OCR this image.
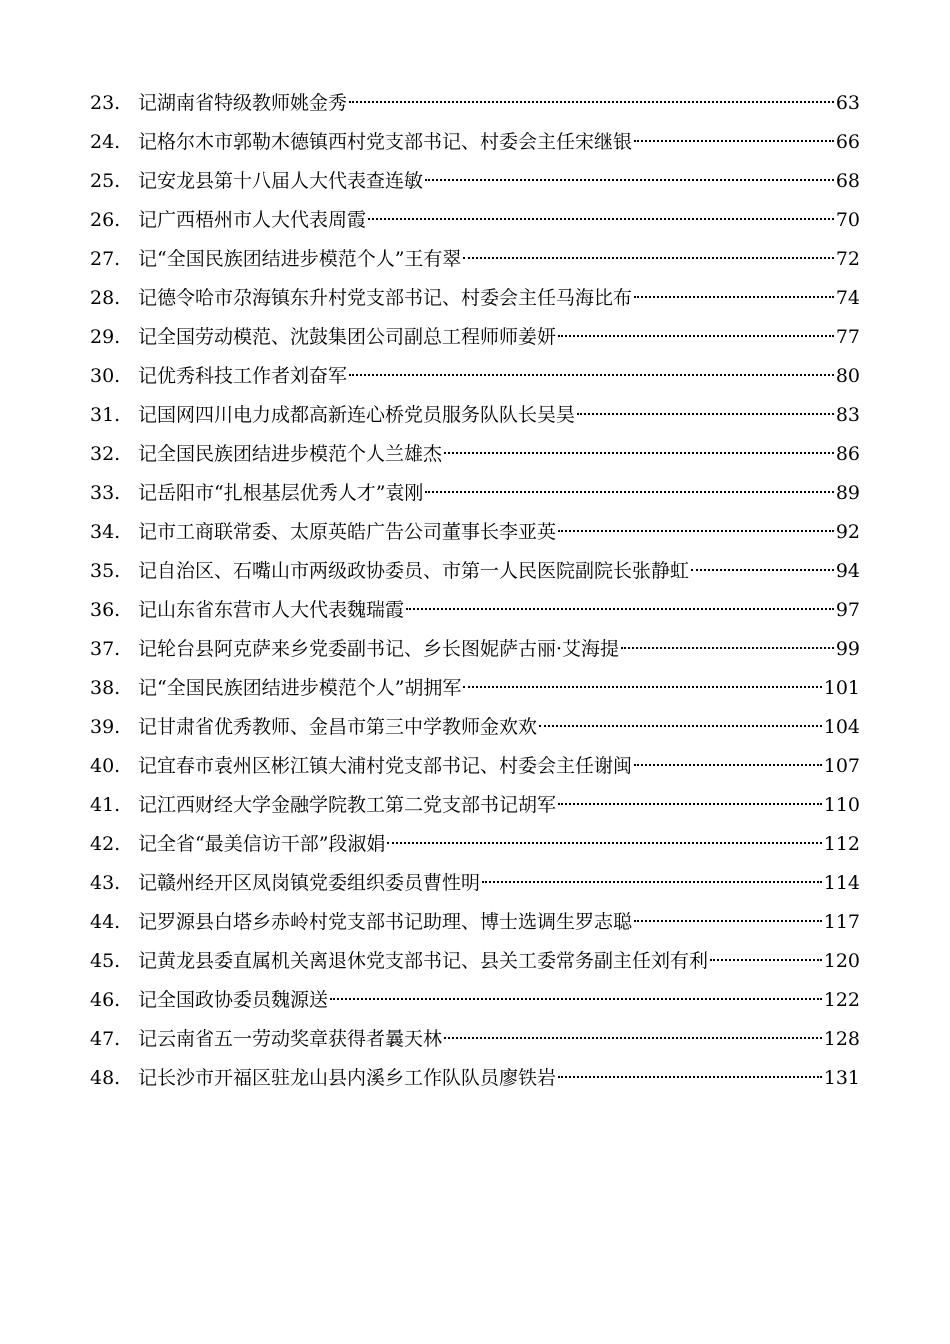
23. 记湖南省特级教师姚金秀	63
24. 记格尔木市郭勒木德镇西村党支部书记、村委会主任宋继银	66
25. 记安龙县第十八届人大代表查连敏	68
26. 记广西梧州市人大代表周霞	70
27. 记“全国民族团结进步模范个人”王有翠	72
28. 记德令哈市尕海镇东升村党支部书记、村委会主任马海比布	74
29. 记全国劳动模范、沈鼓集团公司副总工程师师姜妍	77
30. 记优秀科技工作者刘奋军	80
31. 记国网四川电力成都高新连心桥党员服务队队长吴昊	83
32. 记全国民族团结进步模范个人兰雄杰	86
33. 记岳阳市“扎根基层优秀人才”袁刚	89
34. 记市工商联常委、太原英皓广告公司董事长李亚英	92
35. 记自治区、石嘴山市两级政协委员、市第一人民医院副院长张静虹	94
36. 记山东省东营市人大代表魏瑞霞	97
37. 记轮台县阿克萨来乡党委副书记、乡长图妮萨古丽·艾海提	99
38. 记“全国民族团结进步模范个人”胡拥军	101
39. 记甘肃省优秀教师、金昌市第三中学教师金欢欢	104
40. 记宜春市袁州区彬江镇大浦村党支部书记、村委会主任谢闽	107
41. 记江西财经大学金融学院教工第二党支部书记胡军	110
42. 记全省“最美信访干部”段淑娟	112
43. 记赣州经开区凤岗镇党委组织委员曹性明	114
44. 记罗源县白塔乡赤岭村党支部书记助理、博士选调生罗志聪	117
45. 记黄龙县委直属机关离退休党支部书记、县关工委常务副主任刘有利	120
46. 记全国政协委员魏源送	122
47. 记云南省五一劳动奖章获得者曩天林	128
48. 记长沙市开福区驻龙山县内溪乡工作队队员廖铁岩	131
